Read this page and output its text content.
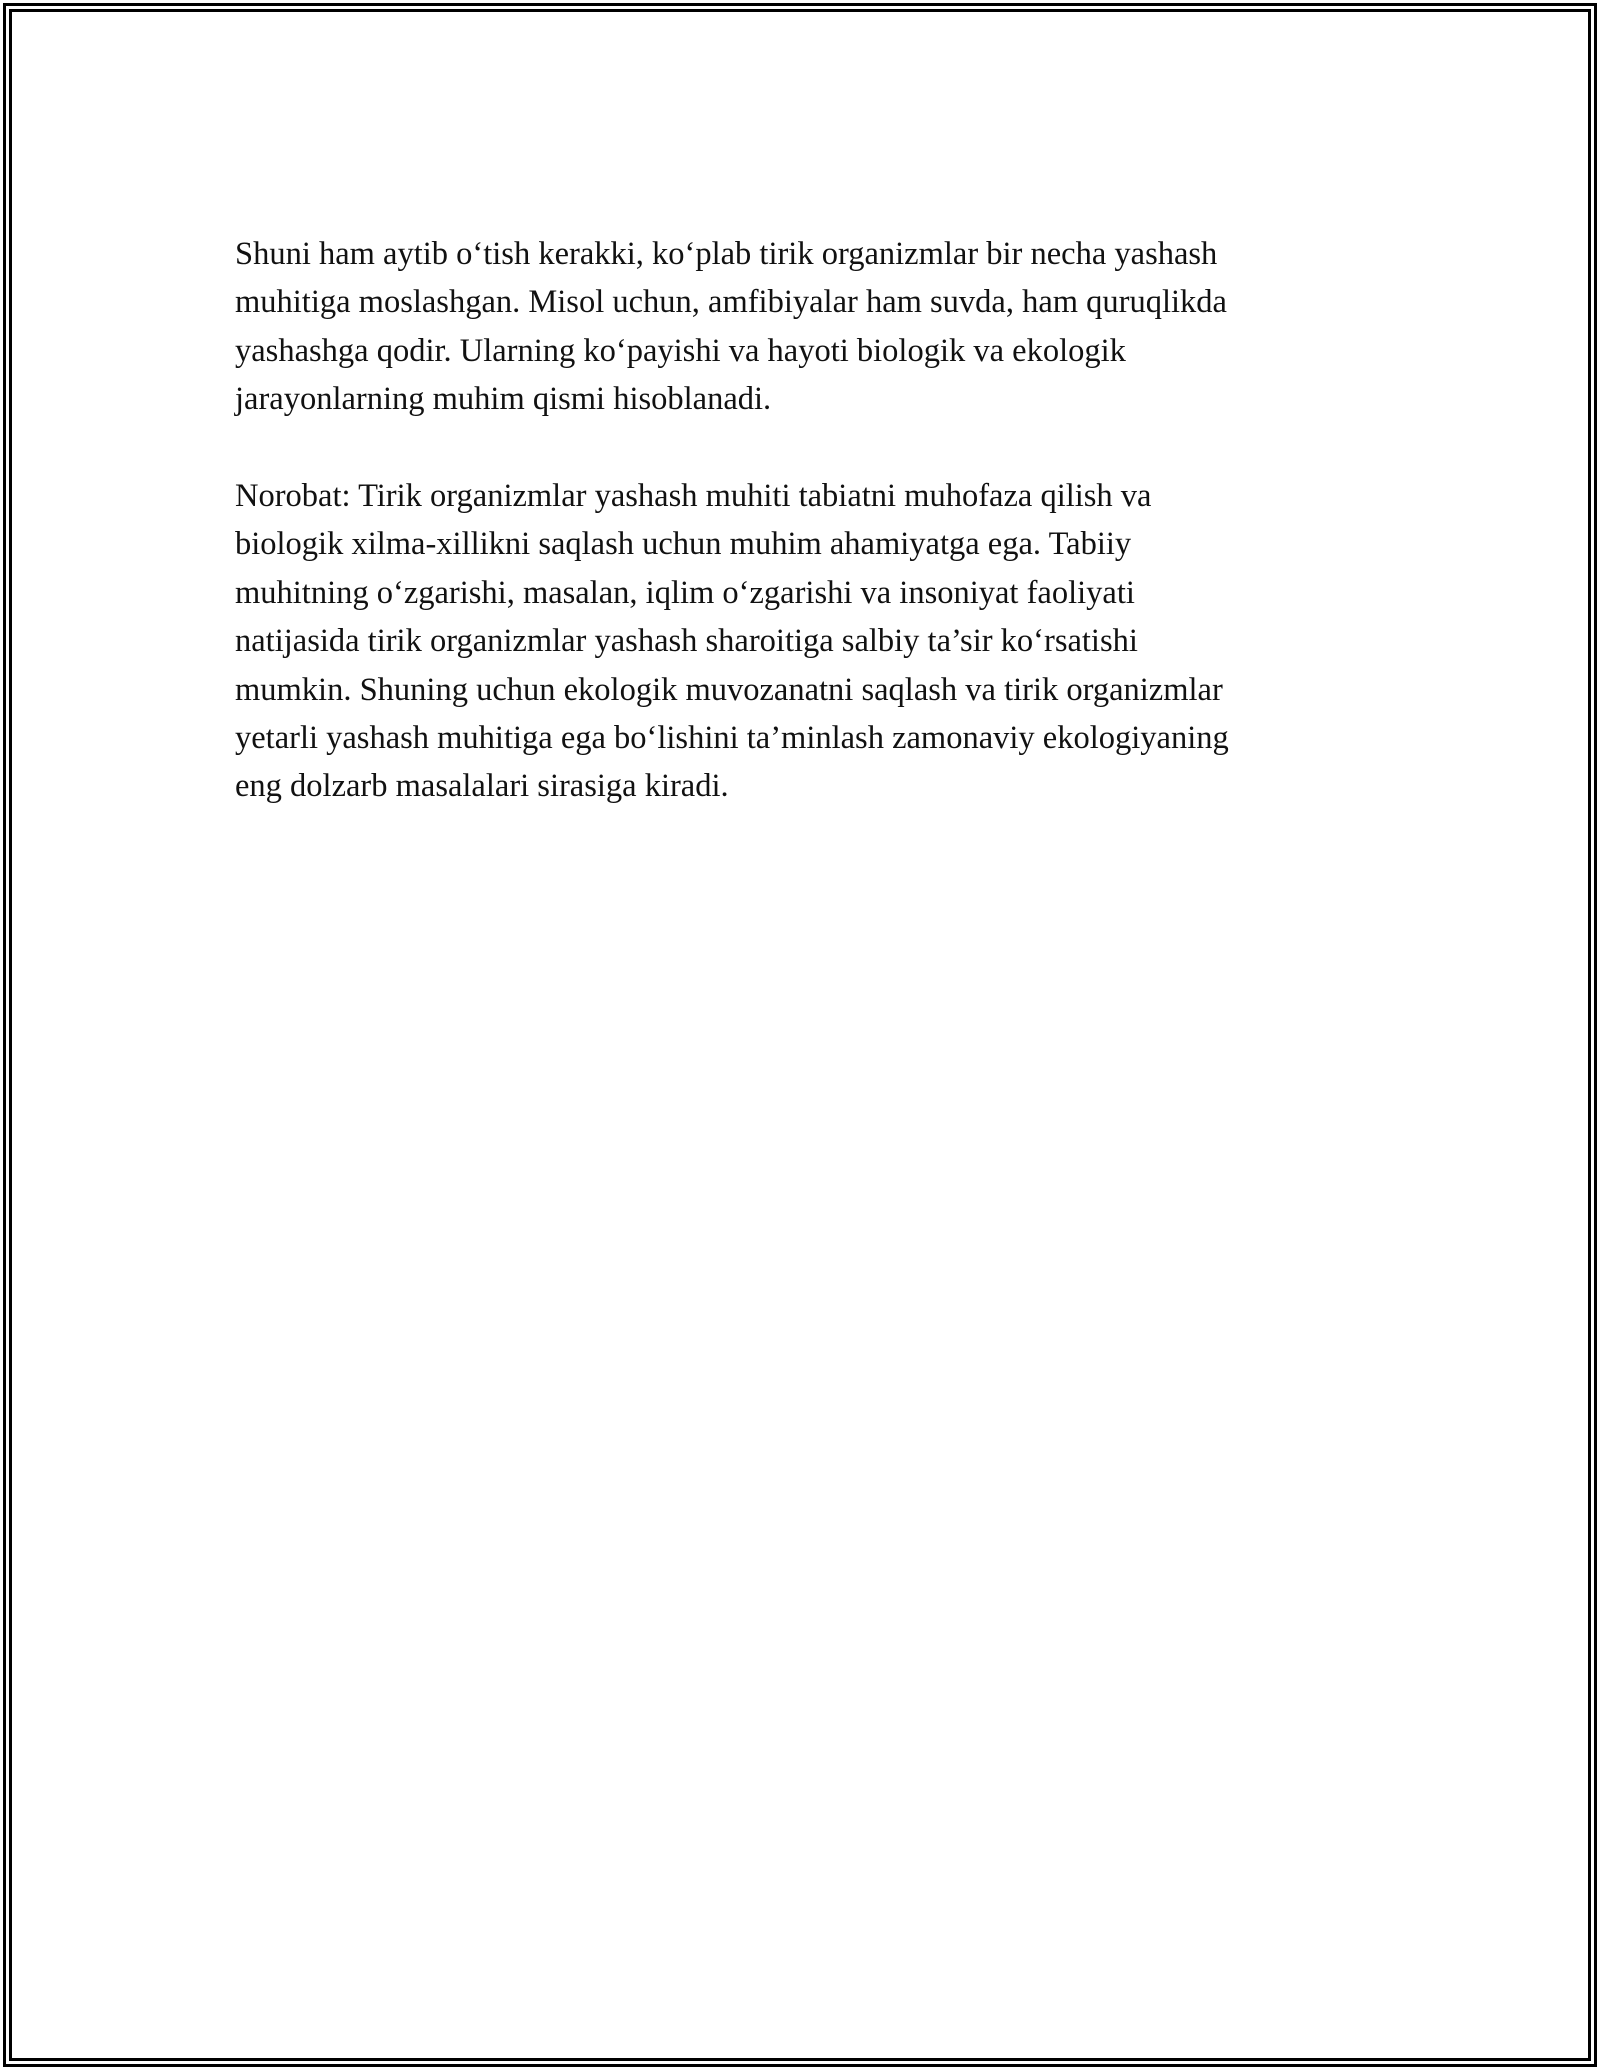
Shuni ham aytib o‘tish kerakki, ko‘plab tirik organizmlar bir necha yashash
muhitiga moslashgan. Misol uchun, amfibiyalar ham suvda, ham quruqlikda
yashashga qodir. Ularning ko‘payishi va hayoti biologik va ekologik
jarayonlarning muhim qismi hisoblanadi.

Norobat: Tirik organizmlar yashash muhiti tabiatni muhofaza qilish va
biologik xilma-xillikni saqlash uchun muhim ahamiyatga ega. Tabiiy
muhitning o‘zgarishi, masalan, iqlim o‘zgarishi va insoniyat faoliyati
natijasida tirik organizmlar yashash sharoitiga salbiy ta’sir ko‘rsatishi
mumkin. Shuning uchun ekologik muvozanatni saqlash va tirik organizmlar
yetarli yashash muhitiga ega bo‘lishini ta’minlash zamonaviy ekologiyaning
eng dolzarb masalalari sirasiga kiradi.
